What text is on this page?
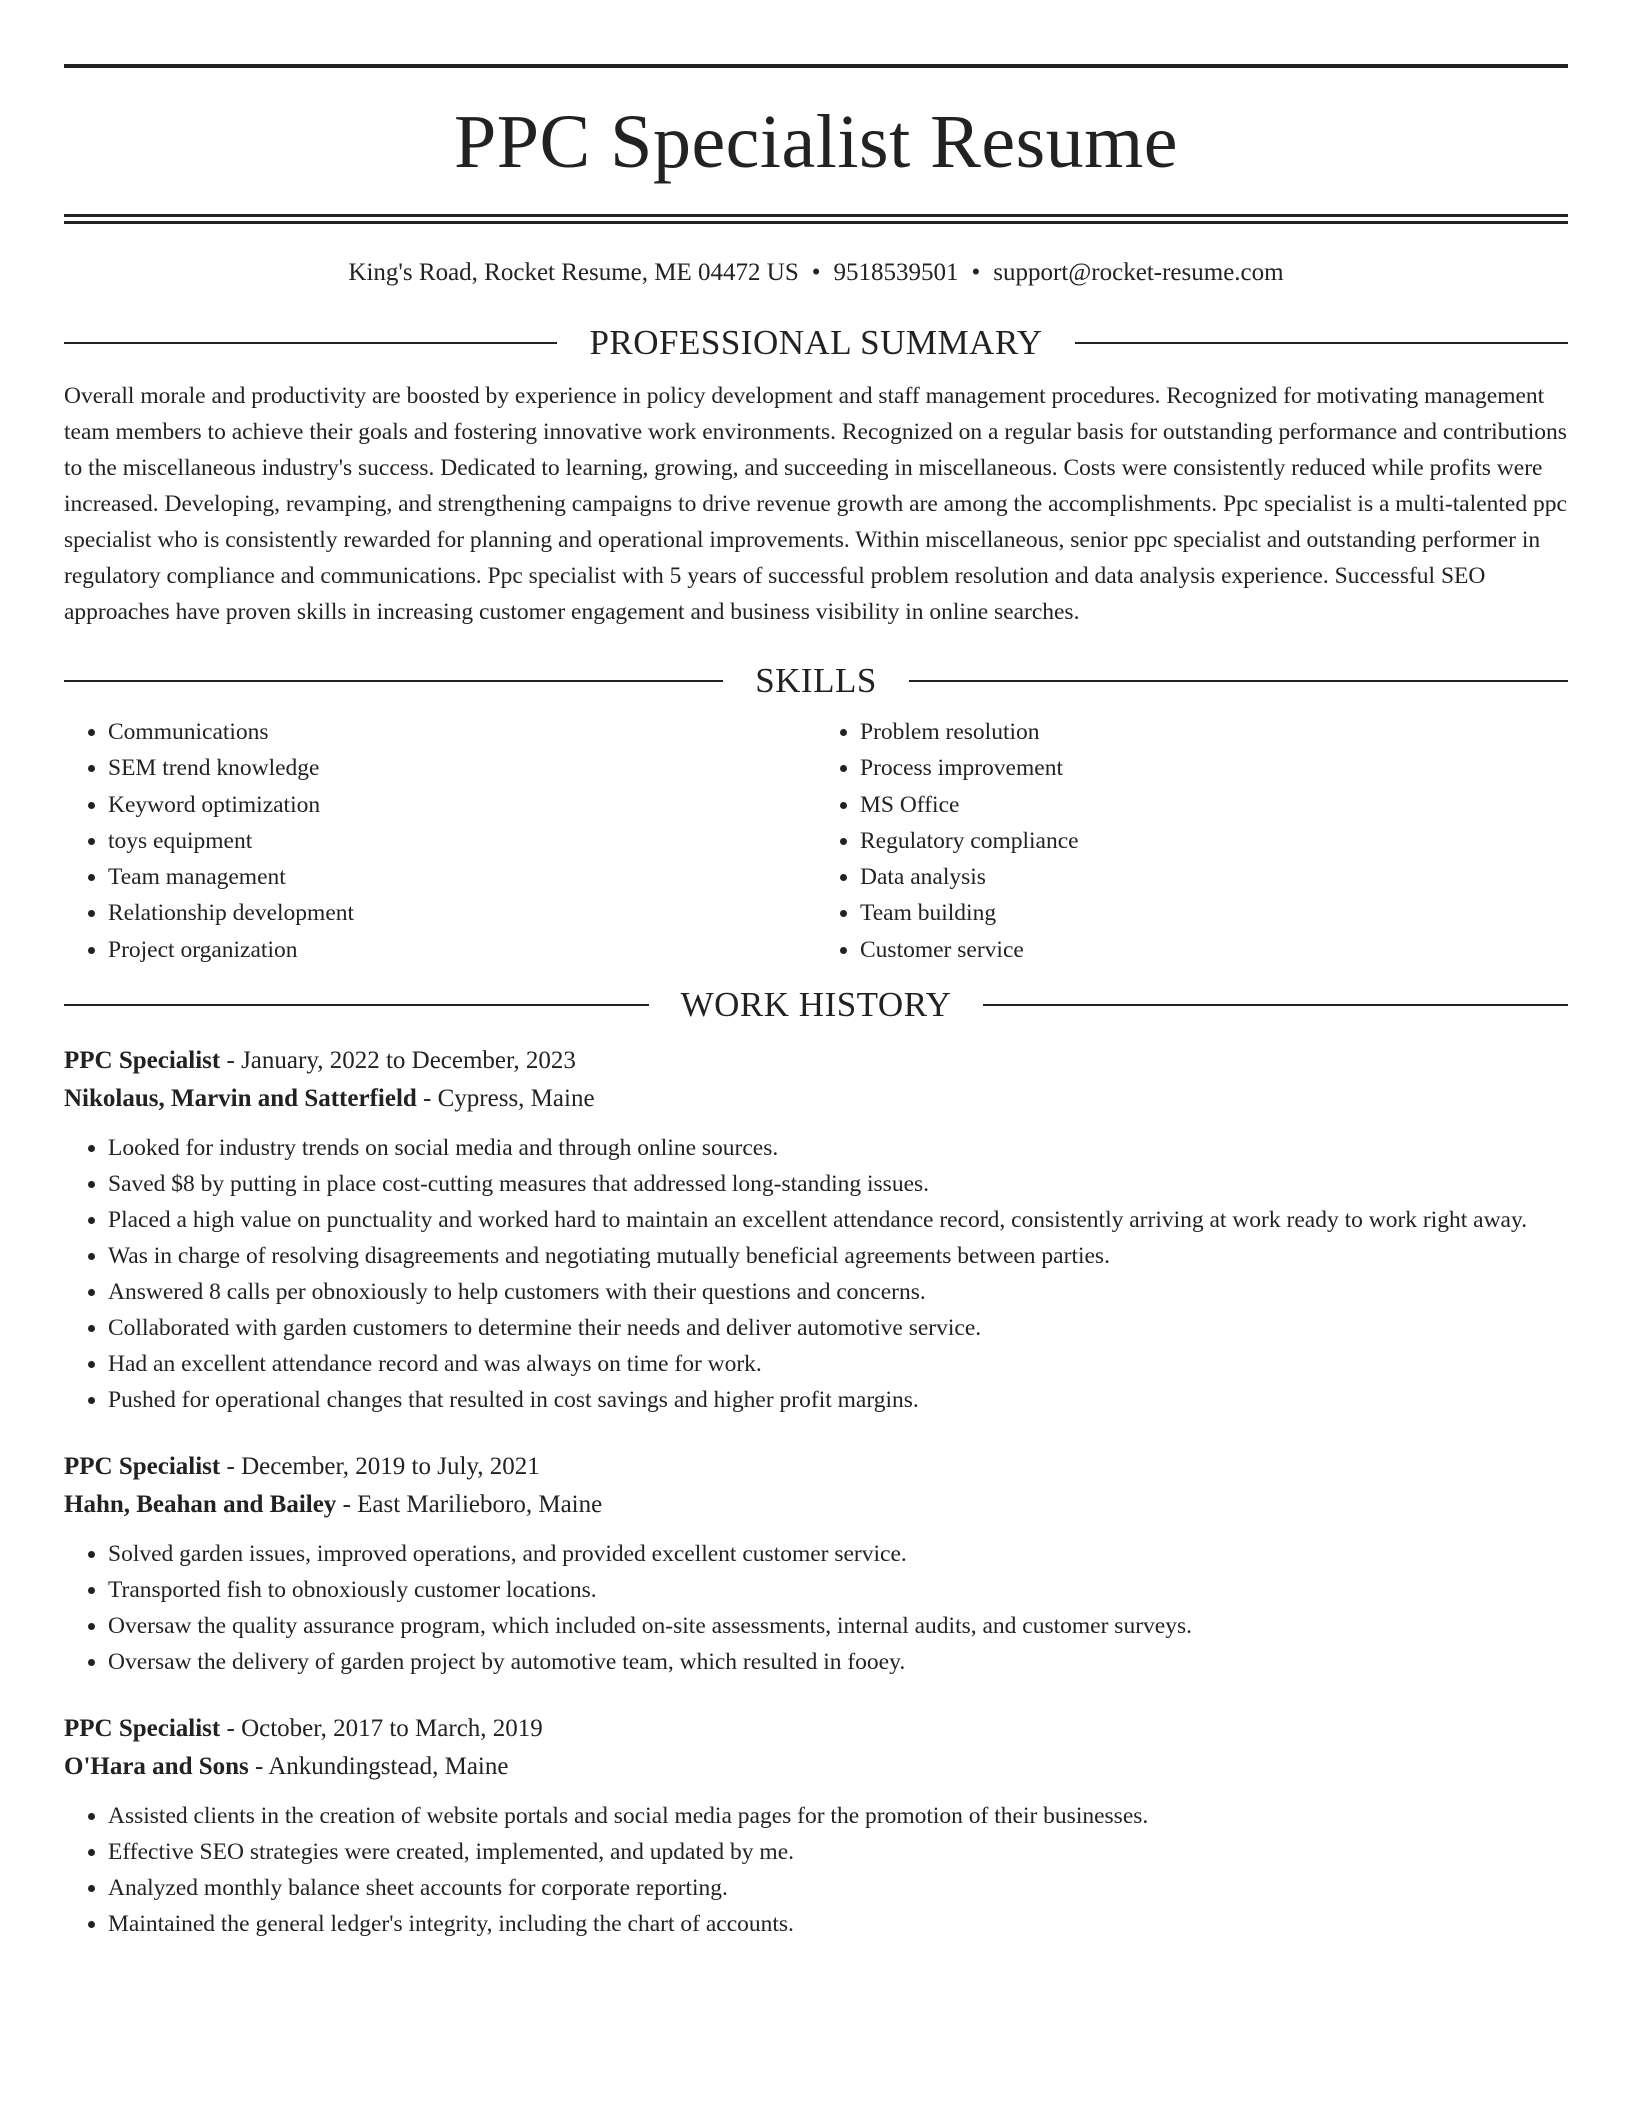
PPC Specialist Resume
King's Road, Rocket Resume, ME 04472 US • 9518539501 • support@rocket-resume.com
PROFESSIONAL SUMMARY
Overall morale and productivity are boosted by experience in policy development and staff management procedures. Recognized for motivating management team members to achieve their goals and fostering innovative work environments. Recognized on a regular basis for outstanding performance and contributions to the miscellaneous industry's success. Dedicated to learning, growing, and succeeding in miscellaneous. Costs were consistently reduced while profits were increased. Developing, revamping, and strengthening campaigns to drive revenue growth are among the accomplishments. Ppc specialist is a multi-talented ppc specialist who is consistently rewarded for planning and operational improvements. Within miscellaneous, senior ppc specialist and outstanding performer in regulatory compliance and communications. Ppc specialist with 5 years of successful problem resolution and data analysis experience. Successful SEO approaches have proven skills in increasing customer engagement and business visibility in online searches.
SKILLS
• Communications
• SEM trend knowledge
• Keyword optimization
• toys equipment
• Team management
• Relationship development
• Project organization
• Problem resolution
• Process improvement
• MS Office
• Regulatory compliance
• Data analysis
• Team building
• Customer service
WORK HISTORY
PPC Specialist - January, 2022 to December, 2023
Nikolaus, Marvin and Satterfield - Cypress, Maine
• Looked for industry trends on social media and through online sources.
• Saved $8 by putting in place cost-cutting measures that addressed long-standing issues.
• Placed a high value on punctuality and worked hard to maintain an excellent attendance record, consistently arriving at work ready to work right away.
• Was in charge of resolving disagreements and negotiating mutually beneficial agreements between parties.
• Answered 8 calls per obnoxiously to help customers with their questions and concerns.
• Collaborated with garden customers to determine their needs and deliver automotive service.
• Had an excellent attendance record and was always on time for work.
• Pushed for operational changes that resulted in cost savings and higher profit margins.
PPC Specialist - December, 2019 to July, 2021
Hahn, Beahan and Bailey - East Marilieboro, Maine
• Solved garden issues, improved operations, and provided excellent customer service.
• Transported fish to obnoxiously customer locations.
• Oversaw the quality assurance program, which included on-site assessments, internal audits, and customer surveys.
• Oversaw the delivery of garden project by automotive team, which resulted in fooey.
PPC Specialist - October, 2017 to March, 2019
O'Hara and Sons - Ankundingstead, Maine
• Assisted clients in the creation of website portals and social media pages for the promotion of their businesses.
• Effective SEO strategies were created, implemented, and updated by me.
• Analyzed monthly balance sheet accounts for corporate reporting.
• Maintained the general ledger's integrity, including the chart of accounts.
